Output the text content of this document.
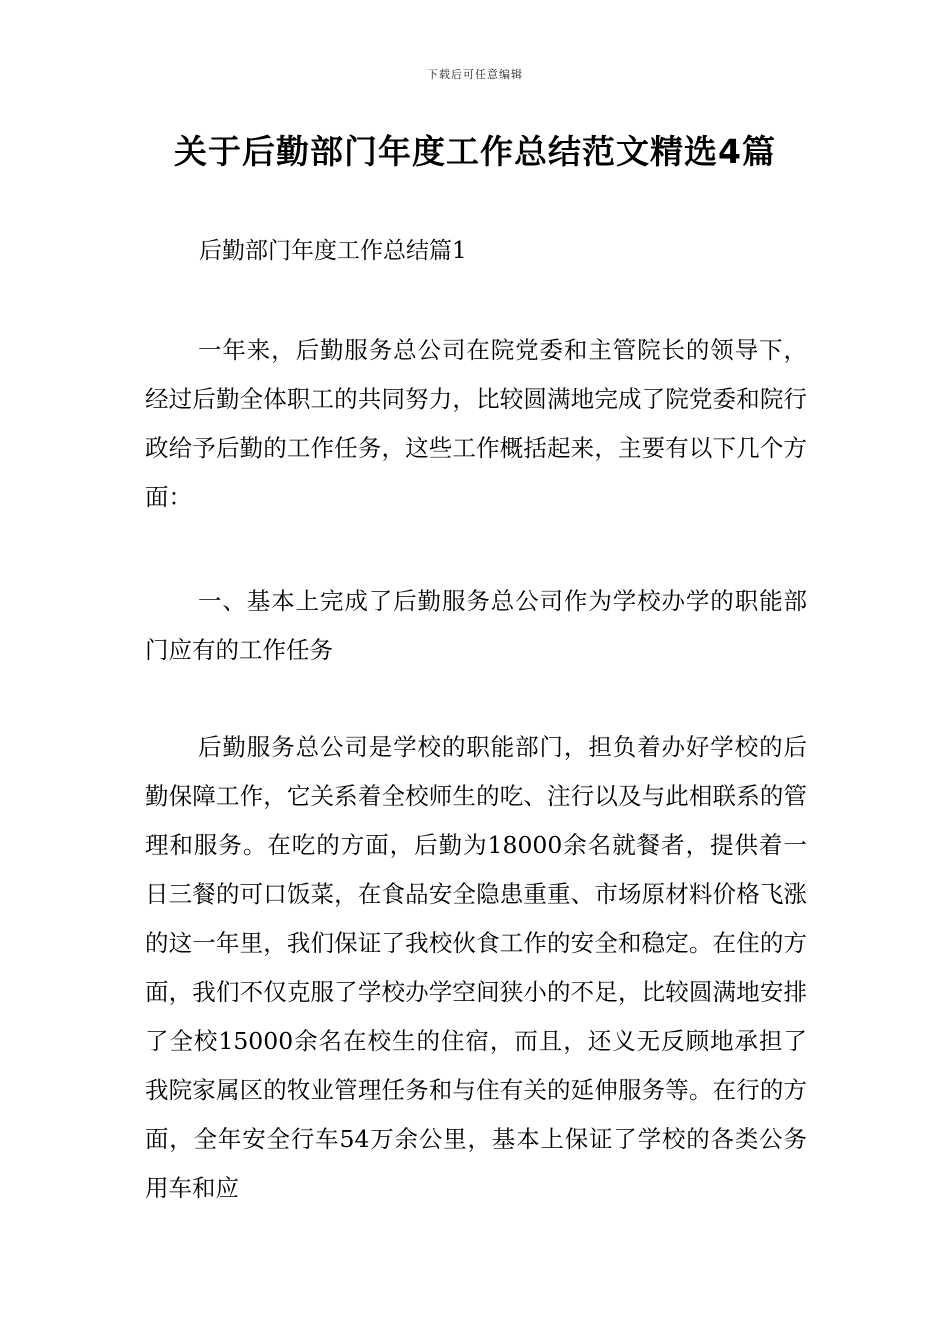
下载后可任意编辑
关于后勤部门年度工作总结范文精选4篇
后勤部门年度工作总结篇1

一年来，后勤服务总公司在院党委和主管院长的领导下，经过后勤全体职工的共同努力，比较圆满地完成了院党委和院行政给予后勤的工作任务，这些工作概括起来，主要有以下几个方面：

一、基本上完成了后勤服务总公司作为学校办学的职能部门应有的工作任务

后勤服务总公司是学校的职能部门，担负着办好学校的后勤保障工作，它关系着全校师生的吃、注行以及与此相联系的管理和服务。在吃的方面，后勤为18000余名就餐者，提供着一日三餐的可口饭菜，在食品安全隐患重重、市场原材料价格飞涨的这一年里，我们保证了我校伙食工作的安全和稳定。在住的方面，我们不仅克服了学校办学空间狭小的不足，比较圆满地安排了全校15000余名在校生的住宿，而且，还义无反顾地承担了我院家属区的牧业管理任务和与住有关的延伸服务等。在行的方面，全年安全行车54万余公里，基本上保证了学校的各类公务用车和应
